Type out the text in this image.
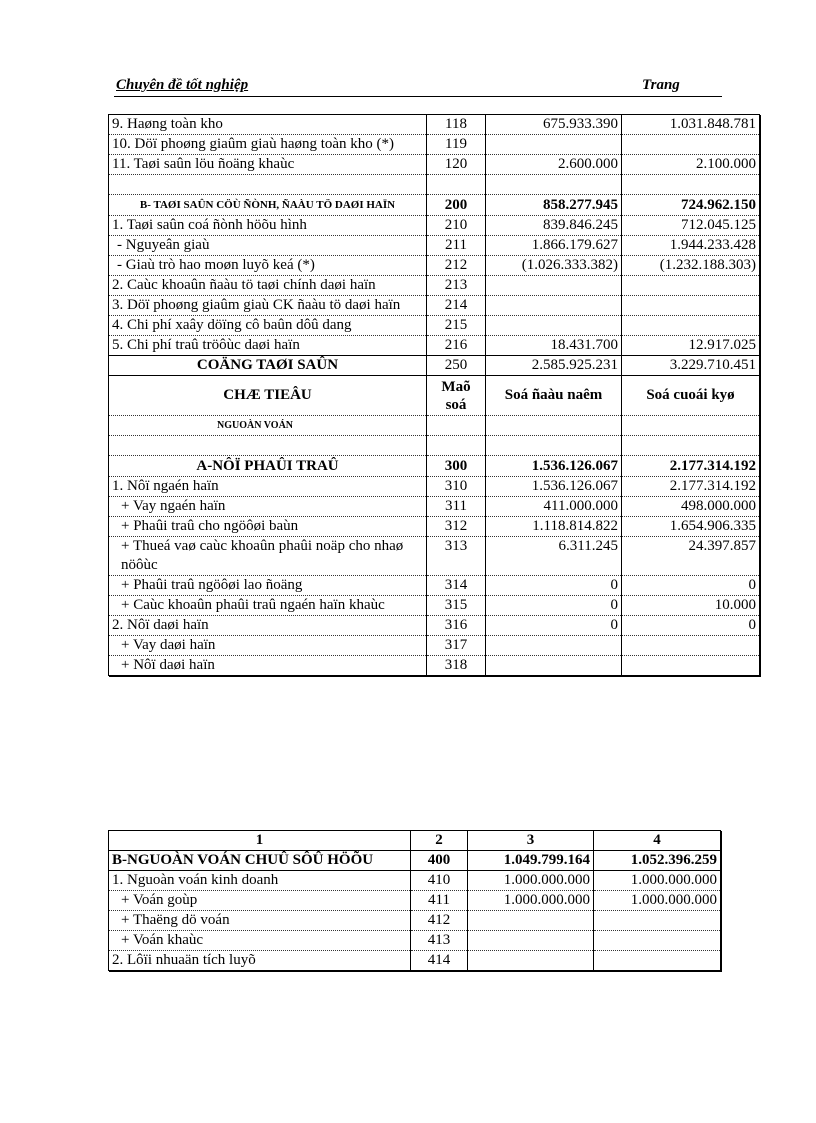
Chuyên đề tốt nghiệp	Trang
9. Haøng toàn kho	118	675.933.390	1.031.848.781
10. Döï phoøng giaûm giaù haøng toàn kho (*)	119		
11. Taøi saûn löu ñoäng khaùc	120	2.600.000	2.100.000

B- TAØI SAÛN CÖÙ ÑÒNH, ÑAÀU TÖ DAØI HAÏN	200	858.277.945	724.962.150
1. Taøi saûn coá ñònh höõu hình	210	839.846.245	712.045.125
- Nguyeân giaù	211	1.866.179.627	1.944.233.428
- Giaù trò hao moøn luyõ keá (*)	212	(1.026.333.382)	(1.232.188.303)
2. Caùc khoaûn ñaàu tö taøi chính daøi haïn	213		
3. Döï phoøng giaûm giaù CK ñaàu tö daøi haïn	214		
4. Chi phí xaây döïng cô baûn dôû dang	215		
5. Chi phí traû tröôùc daøi haïn	216	18.431.700	12.917.025
COÄNG TAØI SAÛN	250	2.585.925.231	3.229.710.451
CHÆ TIEÂU	Maõ soá	Soá ñaàu naêm	Soá cuoái kyø
NGUOÀN VOÁN			

A-NÔÏ PHAÛI TRAÛ	300	1.536.126.067	2.177.314.192
1. Nôï ngaén haïn	310	1.536.126.067	2.177.314.192
+ Vay ngaén haïn	311	411.000.000	498.000.000
+ Phaûi traû cho ngöôøi baùn	312	1.118.814.822	1.654.906.335
+ Thueá vaø caùc khoaûn phaûi noäp cho nhaø nöôùc	313	6.311.245	24.397.857
+ Phaûi traû ngöôøi lao ñoäng	314	0	0
+ Caùc khoaûn phaûi traû ngaén haïn khaùc	315	0	10.000
2. Nôï daøi haïn	316	0	0
+ Vay daøi haïn	317		
+ Nôï daøi haïn	318		
1	2	3	4
B-NGUOÀN VOÁN CHUÛ SÔÛ HÖÕU	400	1.049.799.164	1.052.396.259
1. Nguoàn voán kinh doanh	410	1.000.000.000	1.000.000.000
+ Voán goùp	411	1.000.000.000	1.000.000.000
+ Thaëng dö voán	412		
+ Voán khaùc	413		
2. Lôïi nhuaän tích luyõ	414		
